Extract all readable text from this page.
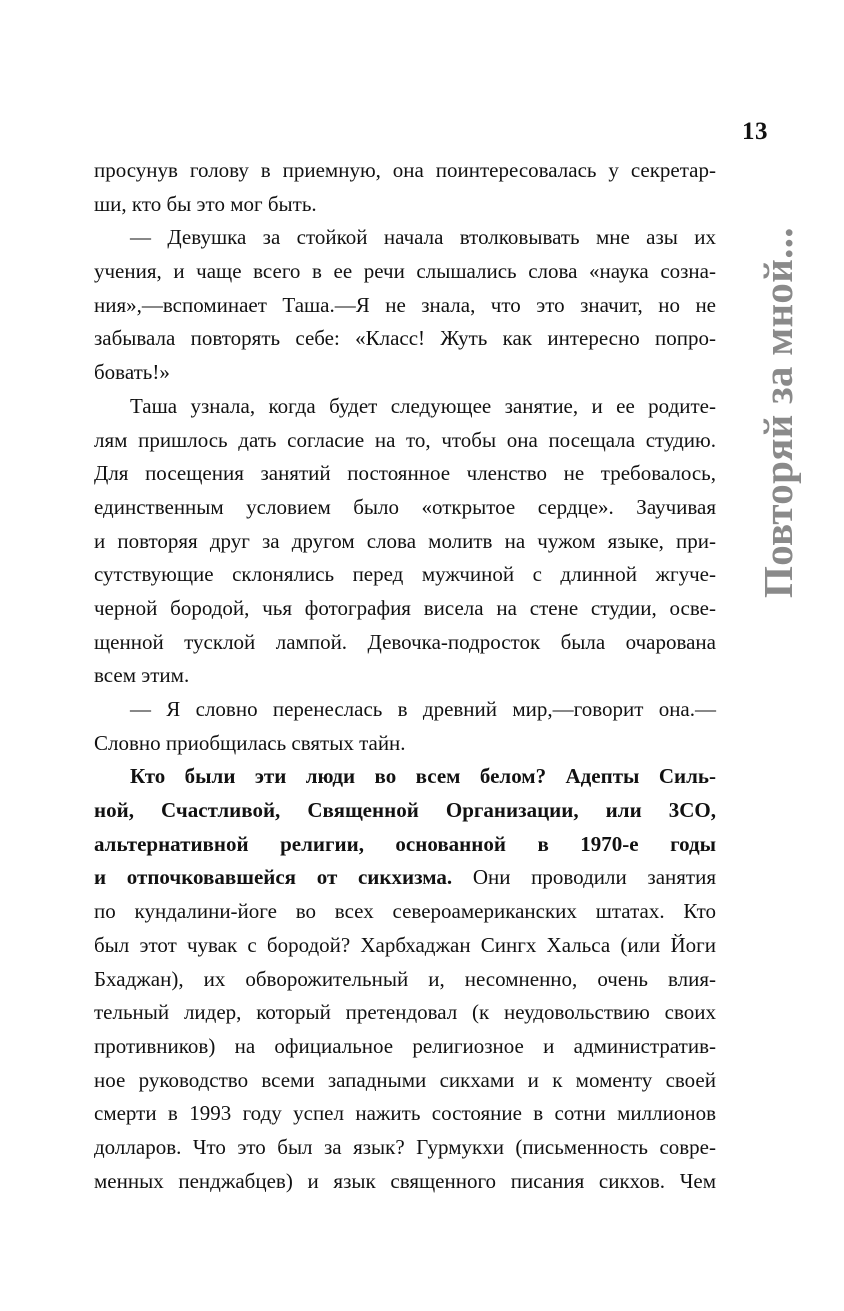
13
Повторяй за мной...
просунув голову в приемную, она поинтересовалась у секретар-
ши, кто бы это мог быть.
— Девушка за стойкой начала втолковывать мне азы их
учения, и чаще всего в ее речи слышались слова «наука созна-
ния»,—вспоминает Таша.—Я не знала, что это значит, но не
забывала повторять себе: «Класс! Жуть как интересно попро-
бовать!»
Таша узнала, когда будет следующее занятие, и ее родите-
лям пришлось дать согласие на то, чтобы она посещала студию.
Для посещения занятий постоянное членство не требовалось,
единственным условием было «открытое сердце». Заучивая
и повторяя друг за другом слова молитв на чужом языке, при-
сутствующие склонялись перед мужчиной с длинной жгуче-
черной бородой, чья фотография висела на стене студии, осве-
щенной тусклой лампой. Девочка-подросток была очарована
всем этим.
— Я словно перенеслась в древний мир,—говорит она.—
Словно приобщилась святых тайн.
Кто были эти люди во всем белом? Адепты Силь-
ной, Счастливой, Священной Организации, или 3СО,
альтернативной религии, основанной в 1970-е годы
и отпочковавшейся от сикхизма. Они проводили занятия
по кундалини-йоге во всех североамериканских штатах. Кто
был этот чувак с бородой? Харбхаджан Сингх Хальса (или Йоги
Бхаджан), их обворожительный и, несомненно, очень влия-
тельный лидер, который претендовал (к неудовольствию своих
противников) на официальное религиозное и административ-
ное руководство всеми западными сикхами и к моменту своей
смерти в 1993 году успел нажить состояние в сотни миллионов
долларов. Что это был за язык? Гурмукхи (письменность совре-
менных пенджабцев) и язык священного писания сикхов. Чем
